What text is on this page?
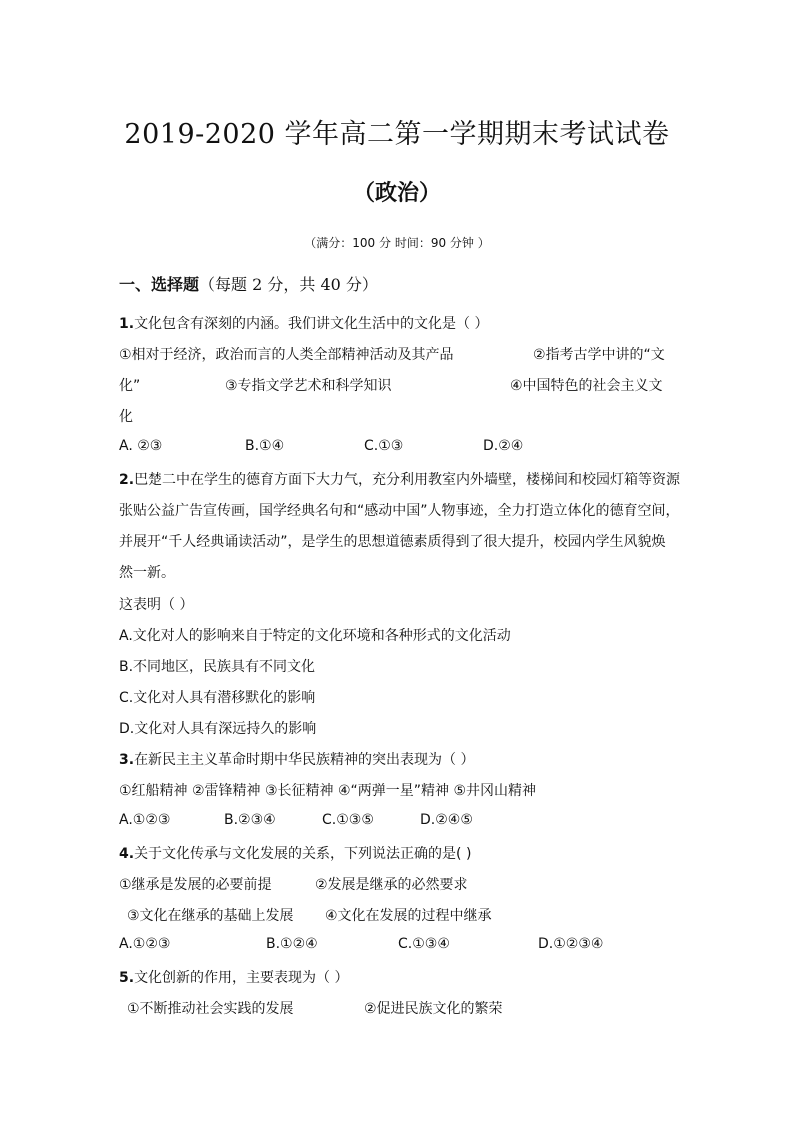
2019-2020 学年高二第一学期期末考试试卷
（政治）
（满分：100 分 时间：90 分钟 ）
一、选择题（每题 2 分，共 40 分）
1.文化包含有深刻的内涵。我们讲文化生活中的文化是（ ）
①相对于经济，政治而言的人类全部精神活动及其产品	②指考古学中讲的“文
化”	③专指文学艺术和科学知识	④中国特色的社会主义文
化
A. ②③	B.①④	C.①③	D.②④
2.巴楚二中在学生的德育方面下大力气，充分利用教室内外墙壁，楼梯间和校园灯箱等资源
张贴公益广告宣传画，国学经典名句和“感动中国”人物事迹，全力打造立体化的德育空间，
并展开“千人经典诵读活动”，是学生的思想道德素质得到了很大提升，校园内学生风貌焕
然一新。
这表明（ ）
A.文化对人的影响来自于特定的文化环境和各种形式的文化活动
B.不同地区，民族具有不同文化
C.文化对人具有潜移默化的影响
D.文化对人具有深远持久的影响
3.在新民主主义革命时期中华民族精神的突出表现为（ ）
①红船精神 ②雷锋精神 ③长征精神 ④“两弹一星”精神 ⑤井冈山精神
A.①②③	B.②③④	C.①③⑤	D.②④⑤
4.关于文化传承与文化发展的关系，下列说法正确的是( )
①继承是发展的必要前提	②发展是继承的必然要求
③文化在继承的基础上发展 ④文化在发展的过程中继承
A.①②③	B.①②④	C.①③④	D.①②③④
5.文化创新的作用，主要表现为（ ）
①不断推动社会实践的发展	②促进民族文化的繁荣
